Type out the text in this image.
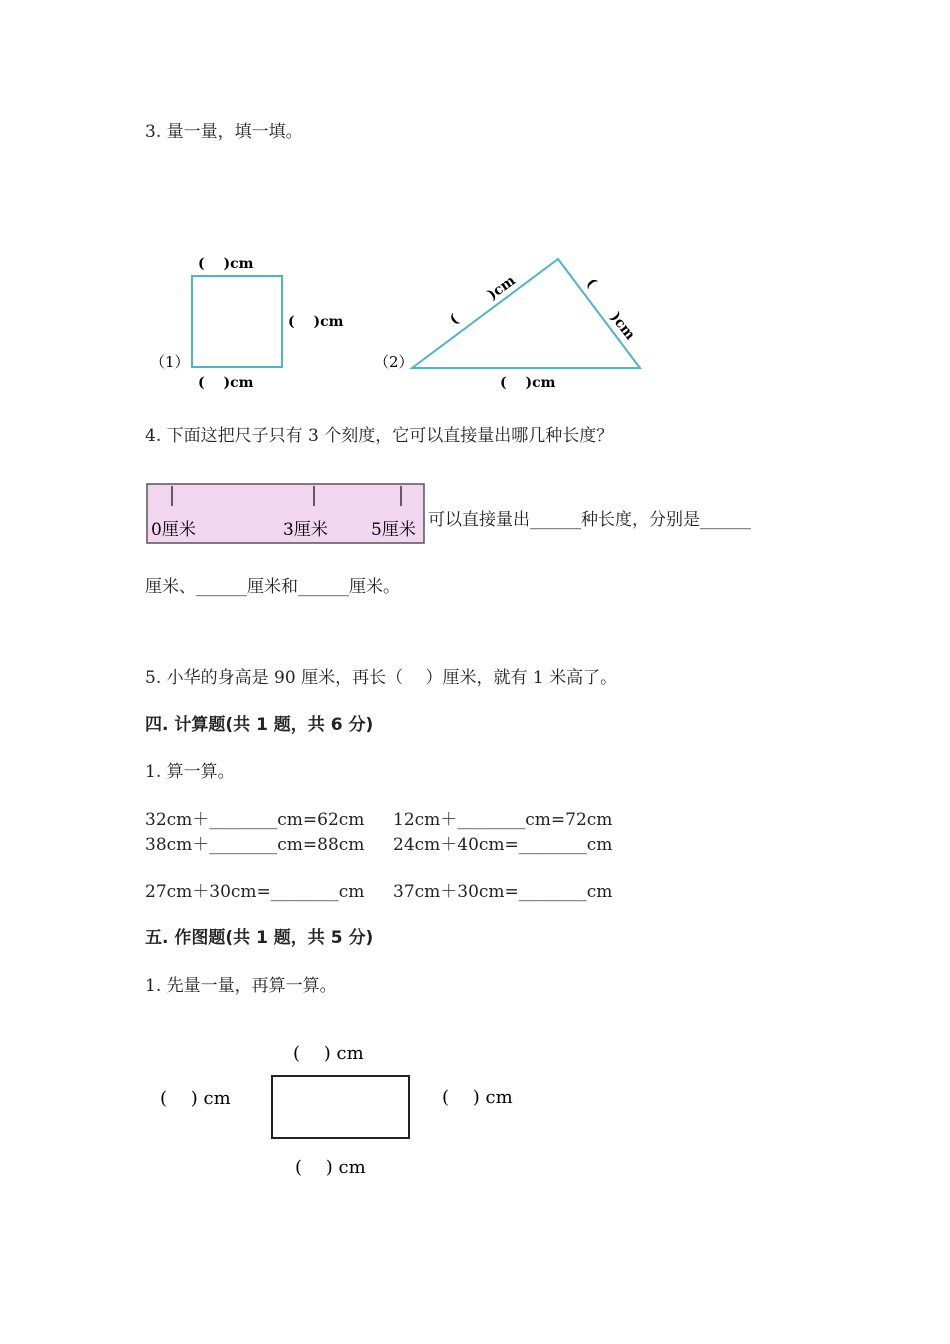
3. 量一量，填一填。
（1）
(　 )cm
(　 )cm
(　 )cm
（2）
(
)cm	(
)cm
(　 )cm
4. 下面这把尺子只有 3 个刻度，它可以直接量出哪几种长度？
0厘米	3厘米	5厘米 可以直接量出______种长度，分别是______
厘米、______厘米和______厘米。
5. 小华的身高是 90 厘米，再长（　 ）厘米，就有 1 米高了。
四. 计算题(共 1 题，共 6 分)
1. 算一算。
32cm＋________cm=62cm 12cm＋________cm=72cm
38cm＋________cm=88cm 24cm＋40cm=________cm
27cm＋30cm=________cm 37cm＋30cm=________cm
五. 作图题(共 1 题，共 5 分)
1. 先量一量，再算一算。
(　 ) cm
(　 ) cm	(　 ) cm
(　 ) cm
